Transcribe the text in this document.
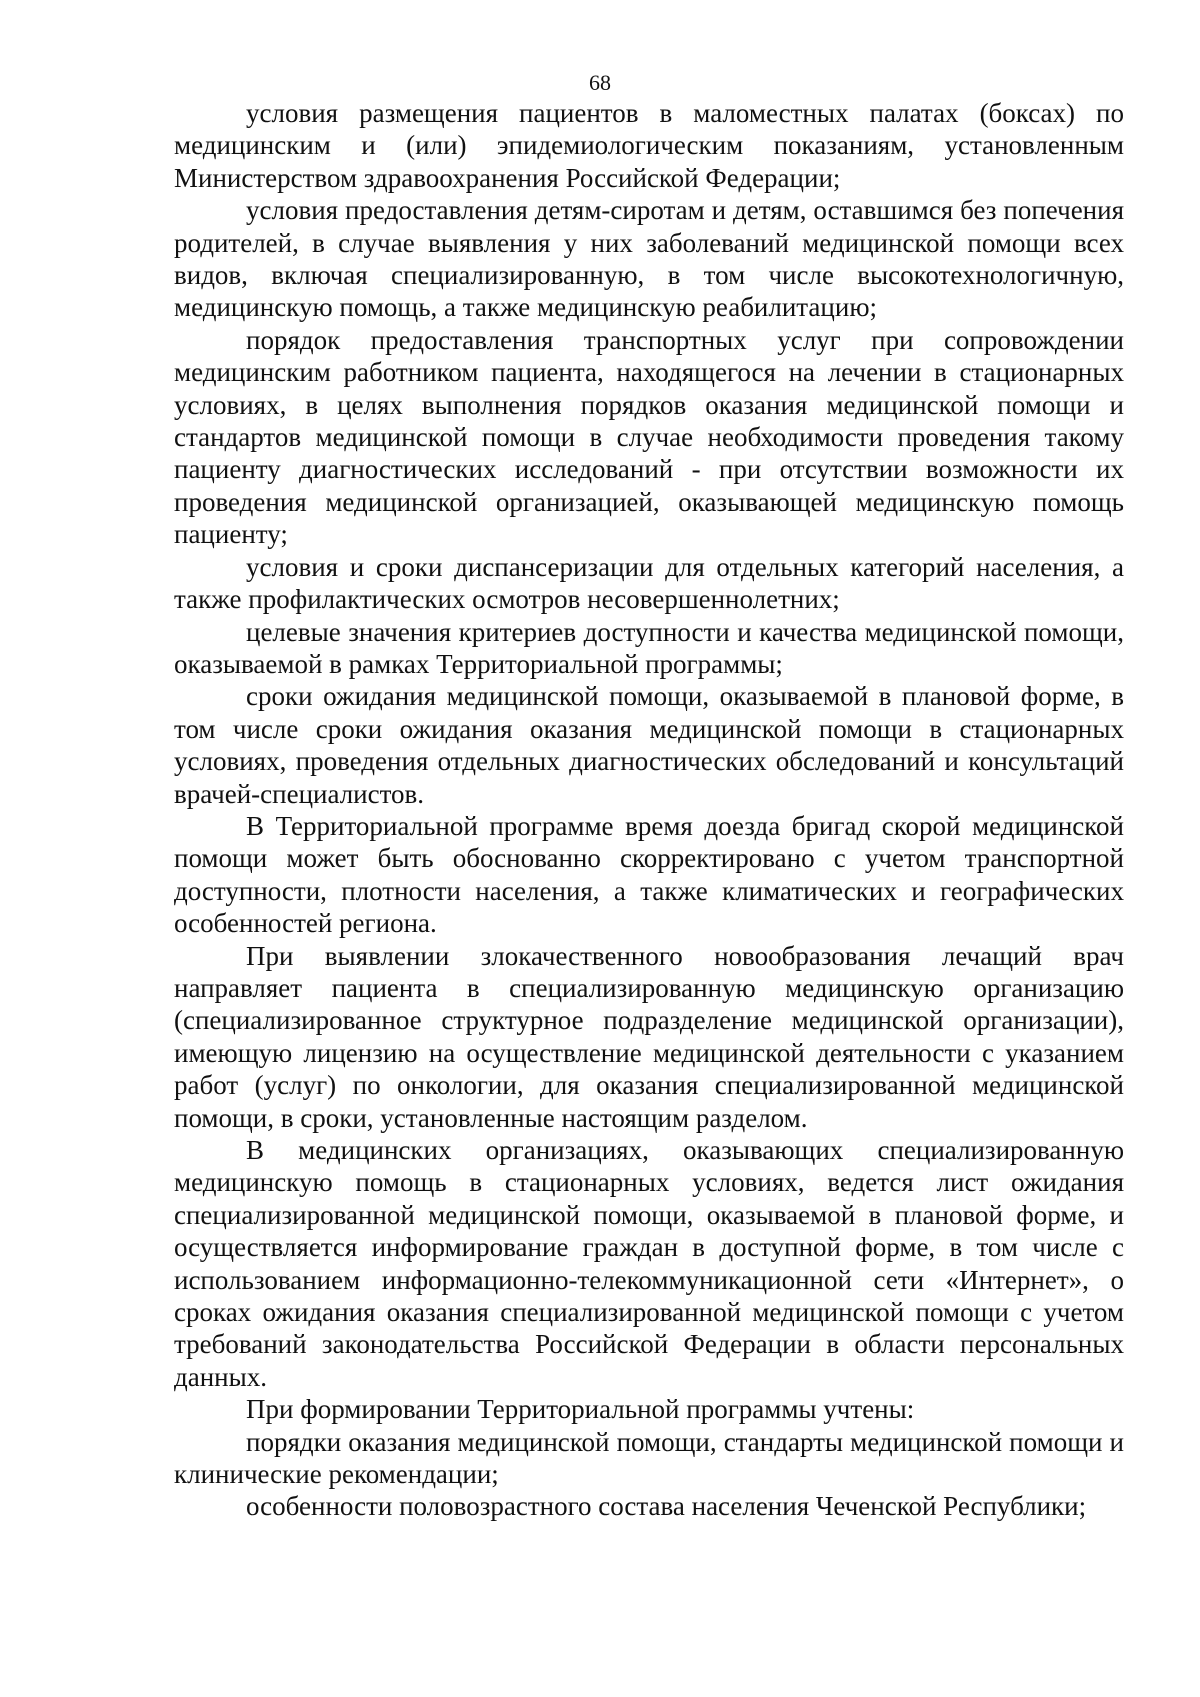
68

условия размещения пациентов в маломестных палатах (боксах) по медицинским и (или) эпидемиологическим показаниям, установленным Министерством здравоохранения Российской Федерации;

условия предоставления детям-сиротам и детям, оставшимся без попечения родителей, в случае выявления у них заболеваний медицинской помощи всех видов, включая специализированную, в том числе высокотехнологичную, медицинскую помощь, а также медицинскую реабилитацию;

порядок предоставления транспортных услуг при сопровождении медицинским работником пациента, находящегося на лечении в стационарных условиях, в целях выполнения порядков оказания медицинской помощи и стандартов медицинской помощи в случае необходимости проведения такому пациенту диагностических исследований - при отсутствии возможности их проведения медицинской организацией, оказывающей медицинскую помощь пациенту;

условия и сроки диспансеризации для отдельных категорий населения, а также профилактических осмотров несовершеннолетних;

целевые значения критериев доступности и качества медицинской помощи, оказываемой в рамках Территориальной программы;

сроки ожидания медицинской помощи, оказываемой в плановой форме, в том числе сроки ожидания оказания медицинской помощи в стационарных условиях, проведения отдельных диагностических обследований и консультаций врачей-специалистов.

В Территориальной программе время доезда бригад скорой медицинской помощи может быть обоснованно скорректировано с учетом транспортной доступности, плотности населения, а также климатических и географических особенностей региона.

При выявлении злокачественного новообразования лечащий врач направляет пациента в специализированную медицинскую организацию (специализированное структурное подразделение медицинской организации), имеющую лицензию на осуществление медицинской деятельности с указанием работ (услуг) по онкологии, для оказания специализированной медицинской помощи, в сроки, установленные настоящим разделом.

В медицинских организациях, оказывающих специализированную медицинскую помощь в стационарных условиях, ведется лист ожидания специализированной медицинской помощи, оказываемой в плановой форме, и осуществляется информирование граждан в доступной форме, в том числе с использованием информационно-телекоммуникационной сети «Интернет», о сроках ожидания оказания специализированной медицинской помощи с учетом требований законодательства Российской Федерации в области персональных данных.

При формировании Территориальной программы учтены:

порядки оказания медицинской помощи, стандарты медицинской помощи и клинические рекомендации;

особенности половозрастного состава населения Чеченской Республики;
